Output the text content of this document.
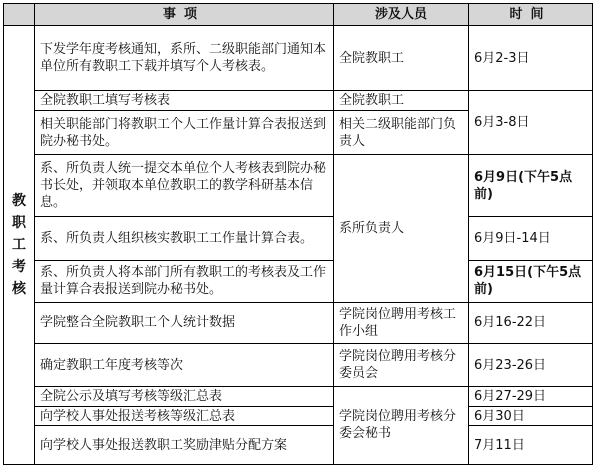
	事项	涉及人员	时间

教职工考核	下发学年度考核通知，系所、二级职能部门通知本单位所有教职工下载并填写个人考核表。	全院教职工	6月2-3日
	全院教职工填写考核表	全院教职工	6月3-8日
	相关职能部门将教职工个人工作量计算合表报送到院办秘书处。	相关二级职能部门负责人	
	系、所负责人统一提交本单位个人考核表到院办秘书长处，并领取本单位教职工的教学科研基本信息。	系所负责人	6月9日(下午5点前)
	系、所负责人组织核实教职工工作量计算合表。		6月9日-14日
	系、所负责人将本部门所有教职工的考核表及工作量计算合表报送到院办秘书处。		6月15日(下午5点前)
	学院整合全院教职工个人统计数据	学院岗位聘用考核工作小组	6月16-22日
	确定教职工年度考核等次	学院岗位聘用考核分委员会	6月23-26日
	全院公示及填写考核等级汇总表	学院岗位聘用考核分委会秘书	6月27-29日
	向学校人事处报送考核等级汇总表		6月30日
	向学校人事处报送教职工奖励津贴分配方案		7月11日
